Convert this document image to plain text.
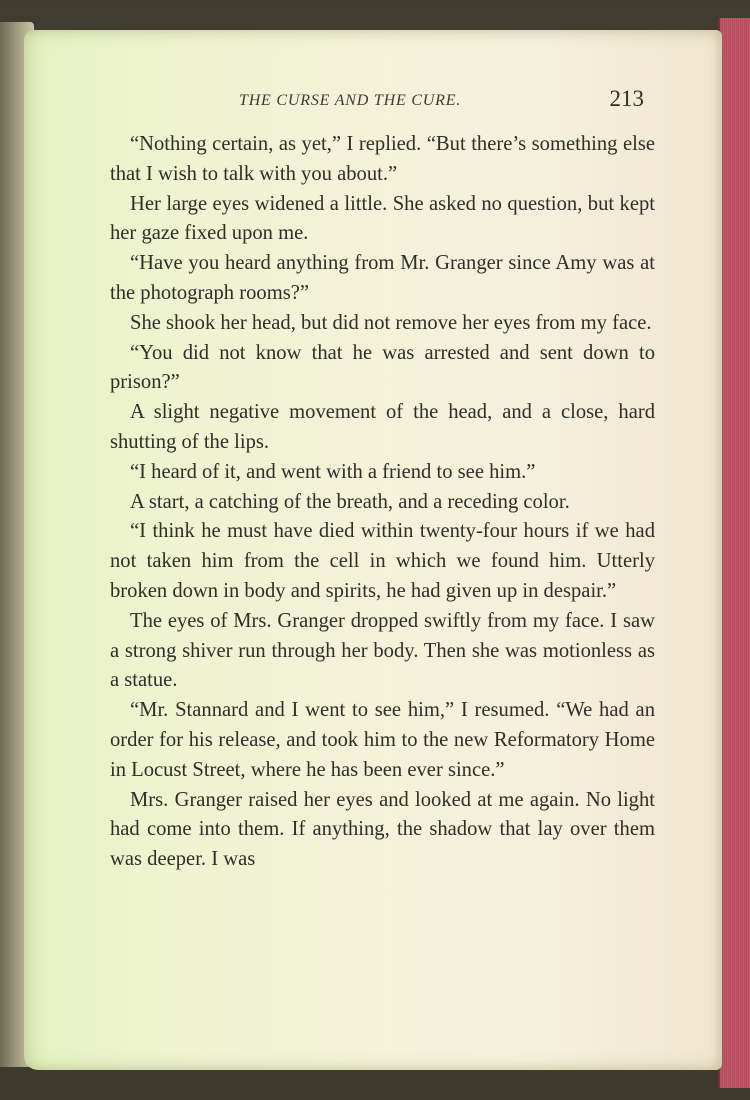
THE CURSE AND THE CURE.	213

“Nothing certain, as yet,” I replied. “But there’s something else that I wish to talk with you about.”

Her large eyes widened a little. She asked no question, but kept her gaze fixed upon me.

“Have you heard anything from Mr. Granger since Amy was at the photograph rooms?”

She shook her head, but did not remove her eyes from my face.

“You did not know that he was arrested and sent down to prison?”

A slight negative movement of the head, and a close, hard shutting of the lips.

“I heard of it, and went with a friend to see him.”

A start, a catching of the breath, and a receding color.

“I think he must have died within twenty-four hours if we had not taken him from the cell in which we found him. Utterly broken down in body and spirits, he had given up in despair.”

The eyes of Mrs. Granger dropped swiftly from my face. I saw a strong shiver run through her body. Then she was motionless as a statue.

“Mr. Stannard and I went to see him,” I resumed. “We had an order for his release, and took him to the new Reformatory Home in Locust Street, where he has been ever since.”

Mrs. Granger raised her eyes and looked at me again. No light had come into them. If anything, the shadow that lay over them was deeper. I was
